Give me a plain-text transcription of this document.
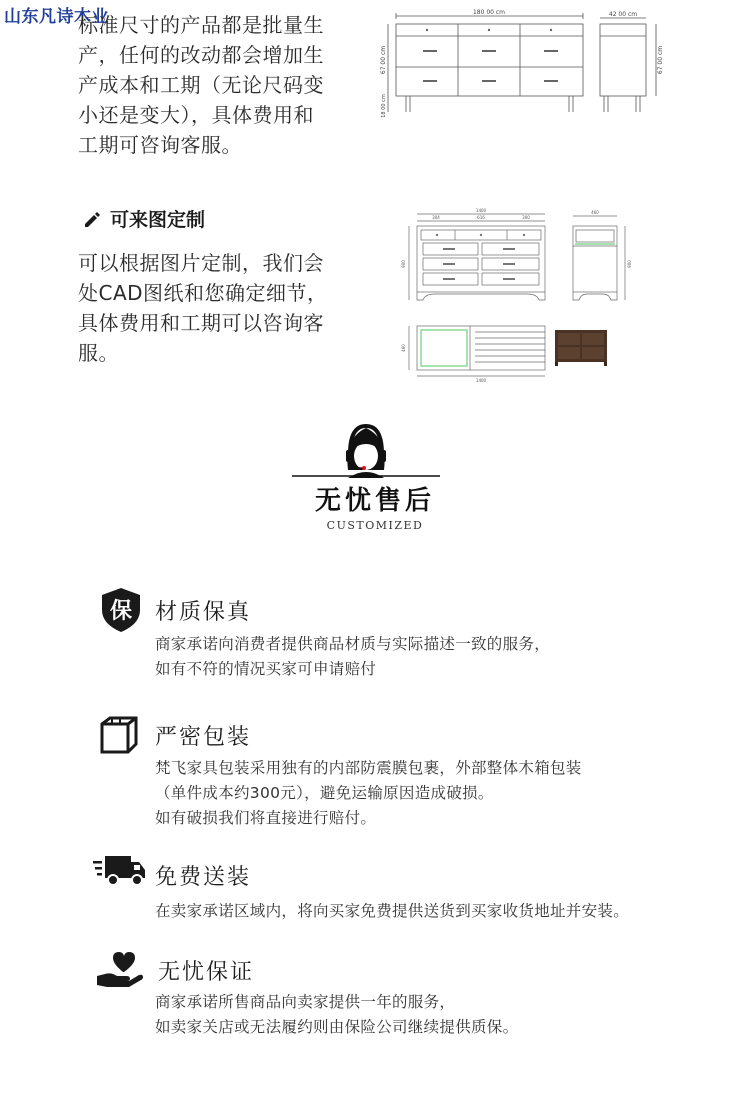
山东凡诗木业

标准尺寸的产品都是批量生

产，任何的改动都会增加生

产成本和工期（无论尺码变

小还是变大），具体费用和

工期可咨询客服。

180 00 cm	42 00 cm
67 00 cm
18 00 cm
67 00 cm
可来图定制

可以根据图片定制，我们会

处CAD图纸和您确定细节，

具体费用和工期可以咨询客

服。

1400
304	616	300
460
900	900
1400
460
无忧售后
CUSTOMIZED
保 材质保真

商家承诺向消费者提供商品材质与实际描述一致的服务，

如有不符的情况买家可申请赔付

严密包装

梵飞家具包装采用独有的内部防震膜包裹，外部整体木箱包装

（单件成本约300元），避免运输原因造成破损。

如有破损我们将直接进行赔付。

免费送装

在卖家承诺区域内，将向买家免费提供送货到买家收货地址并安装。

无忧保证

商家承诺所售商品向卖家提供一年的服务，

如卖家关店或无法履约则由保险公司继续提供质保。
